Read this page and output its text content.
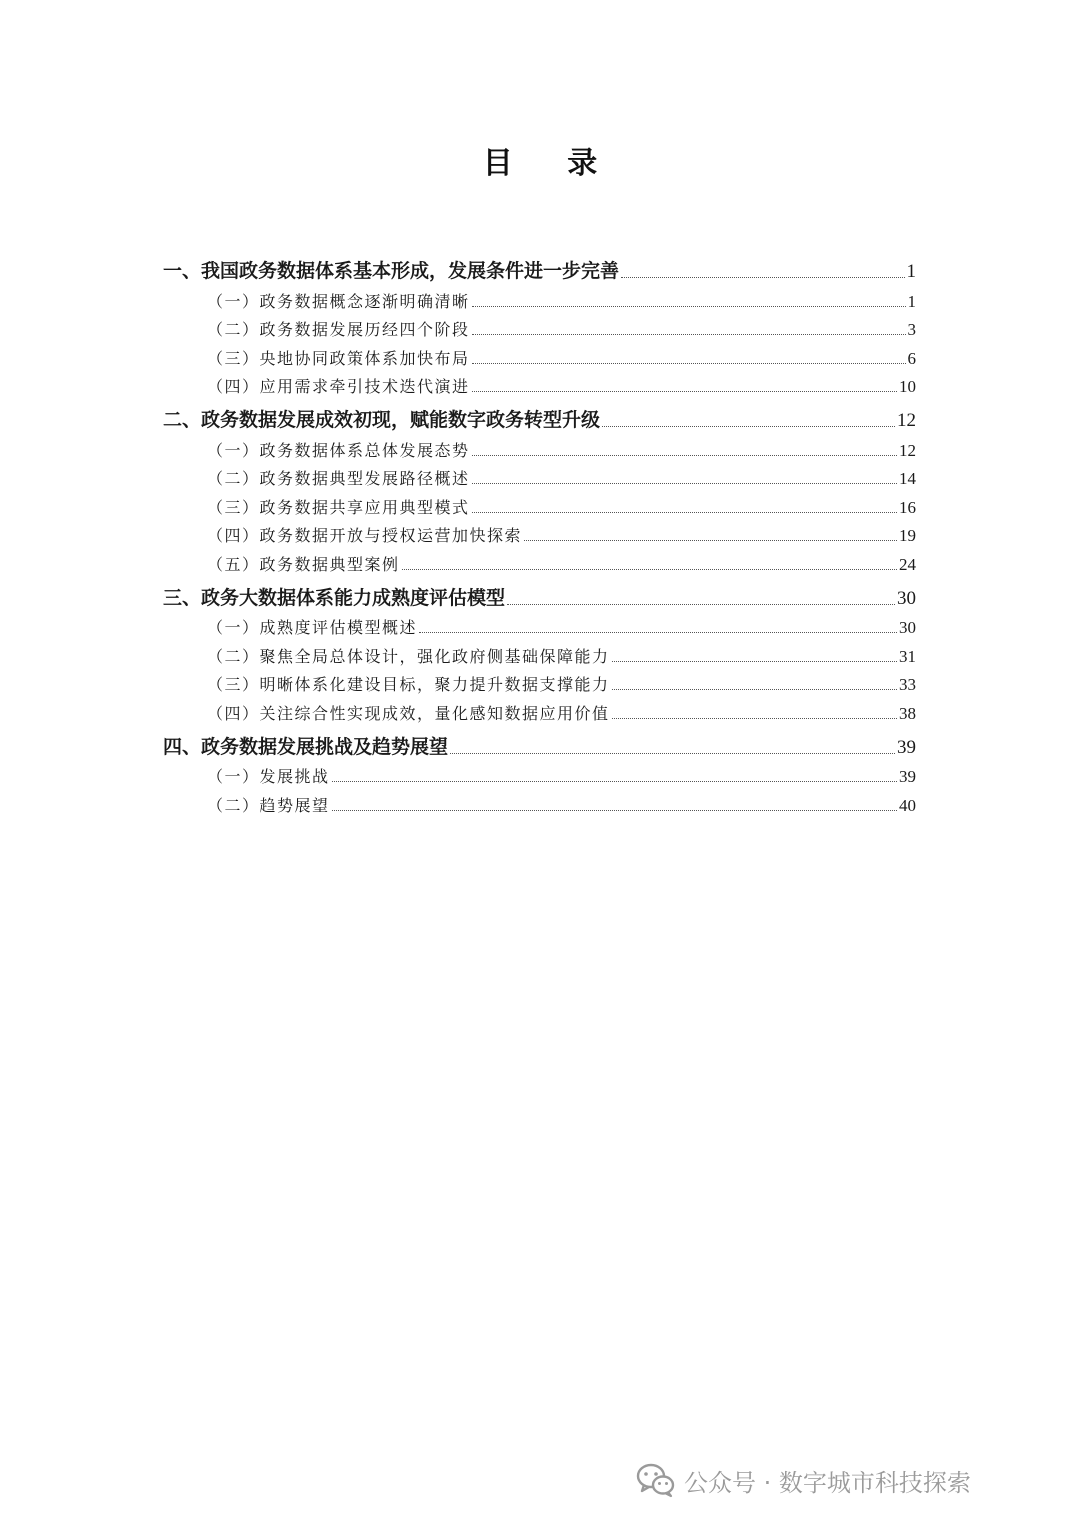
目 录
一、我国政务数据体系基本形成，发展条件进一步完善	1
（一）政务数据概念逐渐明确清晰	1
（二）政务数据发展历经四个阶段	3
（三）央地协同政策体系加快布局	6
（四）应用需求牵引技术迭代演进	10
二、政务数据发展成效初现，赋能数字政务转型升级	12
（一）政务数据体系总体发展态势	12
（二）政务数据典型发展路径概述	14
（三）政务数据共享应用典型模式	16
（四）政务数据开放与授权运营加快探索	19
（五）政务数据典型案例	24
三、政务大数据体系能力成熟度评估模型	30
（一）成熟度评估模型概述	30
（二）聚焦全局总体设计，强化政府侧基础保障能力	31
（三）明晰体系化建设目标，聚力提升数据支撑能力	33
（四）关注综合性实现成效，量化感知数据应用价值	38
四、政务数据发展挑战及趋势展望	39
（一）发展挑战	39
（二）趋势展望	40
公众号 · 数字城市科技探索
